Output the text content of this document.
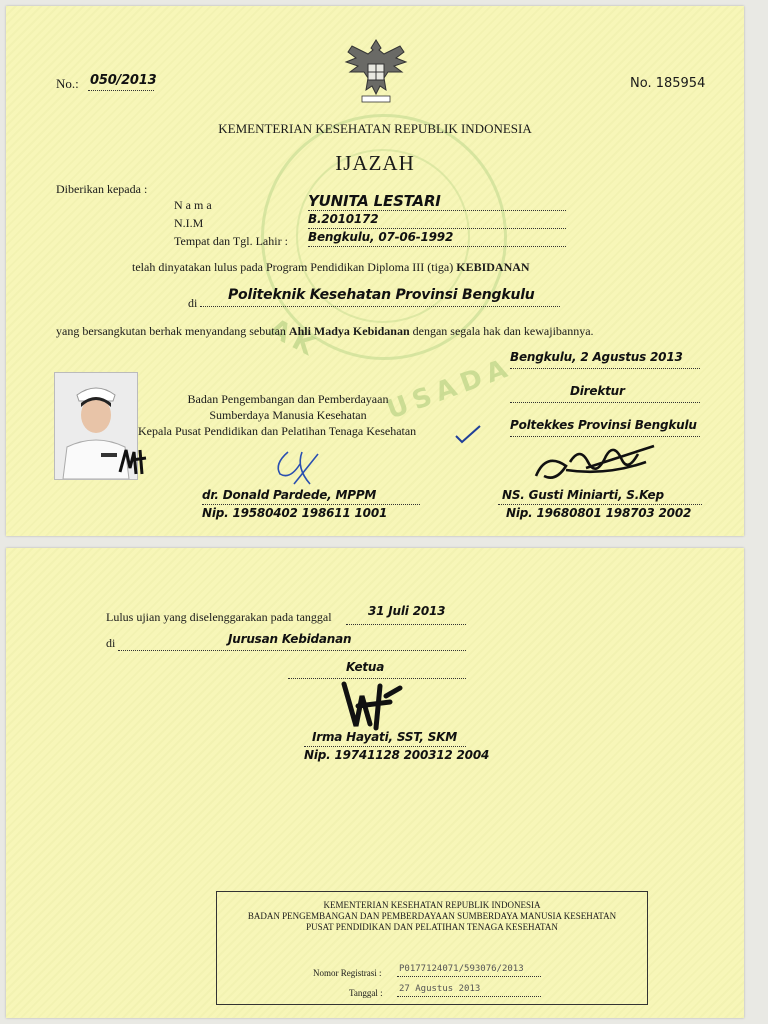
AK
USADA
No.: 050/2013	No. 185954
KEMENTERIAN KESEHATAN REPUBLIK INDONESIA
IJAZAH
Diberikan kepada :
N a m a	YUNITA LESTARI
N.I.M	B.2010172
Tempat dan Tgl. Lahir : Bengkulu, 07-06-1992
telah dinyatakan lulus pada Program Pendidikan Diploma III (tiga) KEBIDANAN
di Politeknik Kesehatan Provinsi Bengkulu
yang bersangkutan berhak menyandang sebutan Ahli Madya Kebidanan dengan segala hak dan kewajibannya.
Bengkulu, 2 Agustus 2013
Badan Pengembangan dan Pemberdayaan
Sumberdaya Manusia Kesehatan
Kepala Pusat Pendidikan dan Pelatihan Tenaga Kesehatan
dr. Donald Pardede, MPPM
Nip. 19580402 198611 1001
Direktur
Poltekkes Provinsi Bengkulu
NS. Gusti Miniarti, S.Kep
Nip. 19680801 198703 2002
Lulus ujian yang diselenggarakan pada tanggal	31 Juli 2013
di	Jurusan Kebidanan
Ketua
Irma Hayati, SST, SKM
Nip. 19741128 200312 2004
KEMENTERIAN KESEHATAN REPUBLIK INDONESIA
BADAN PENGEMBANGAN DAN PEMBERDAYAAN SUMBERDAYA MANUSIA KESEHATAN
PUSAT PENDIDIKAN DAN PELATIHAN TENAGA KESEHATAN
Nomor Registrasi : P0177124071/593076/2013
Tanggal : 27 Agustus 2013
